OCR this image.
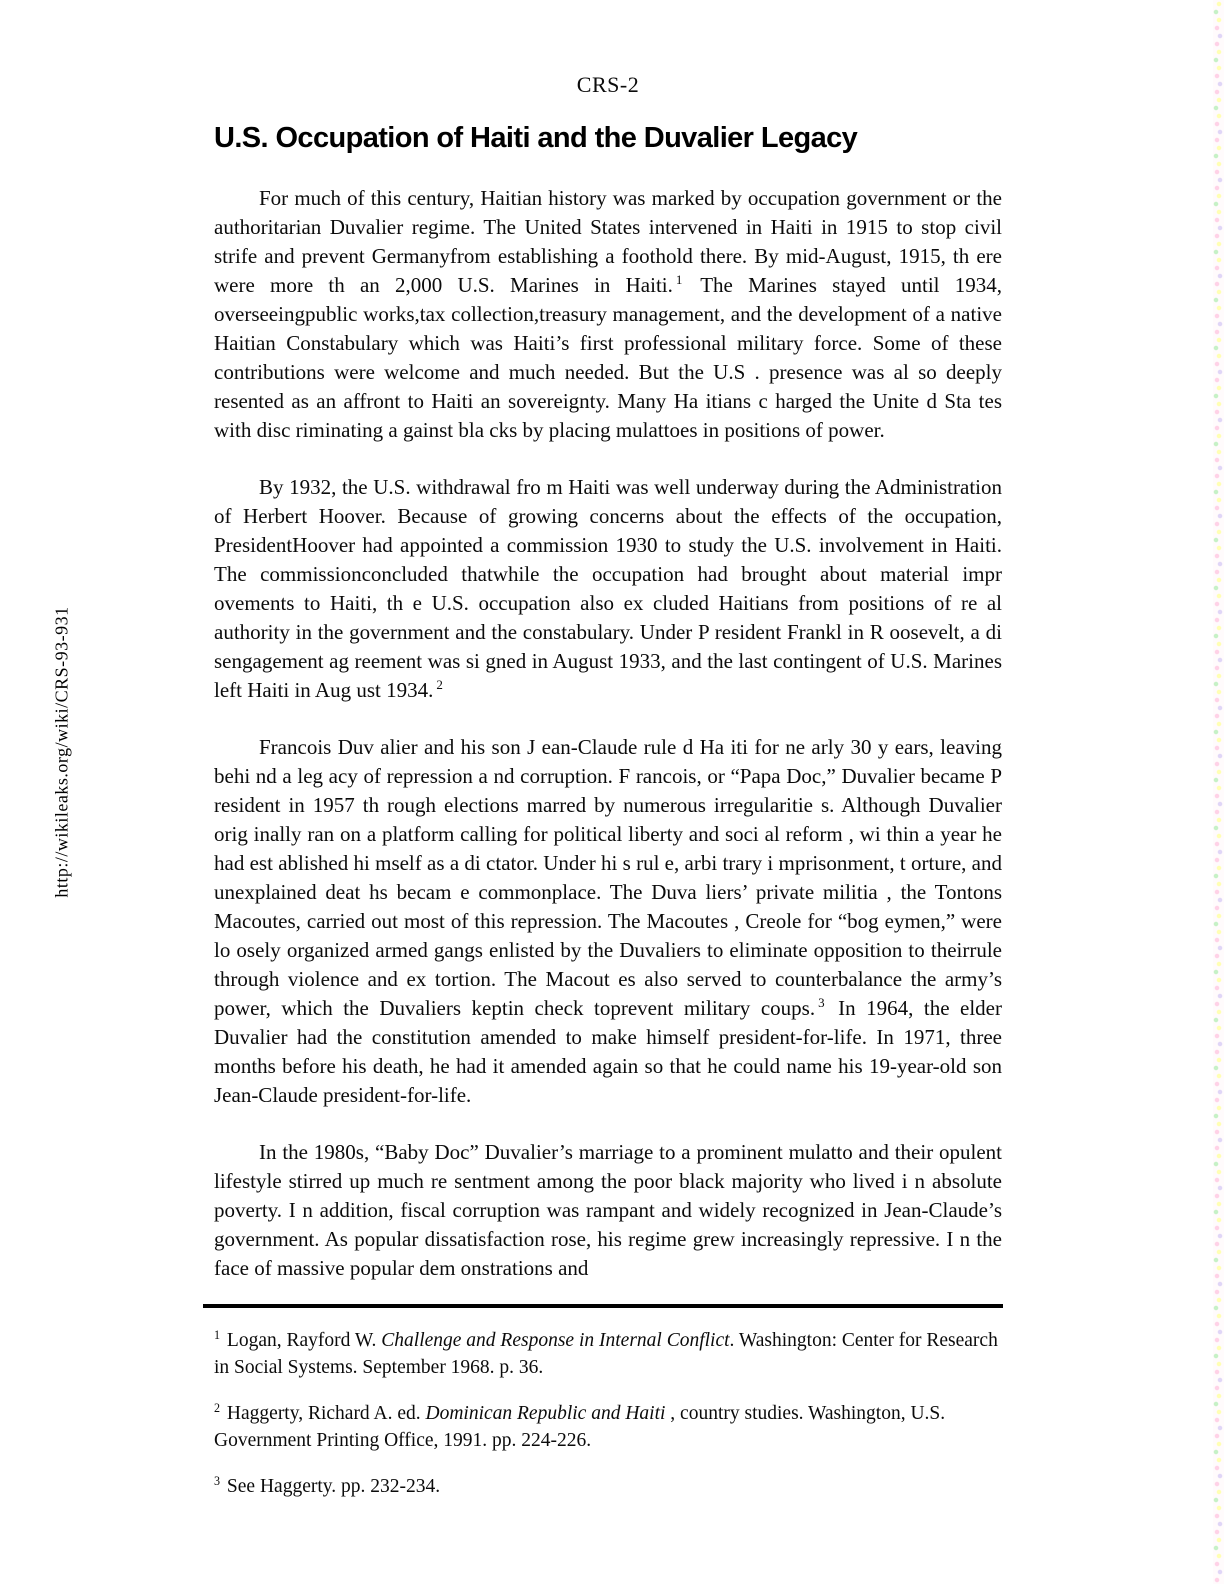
http://wikileaks.org/wiki/CRS-93-931
CRS-2
U.S. Occupation of Haiti and the Duvalier Legacy

For much of this century, Haitian history was marked by occupation government or the authoritarian Duvalier regime. The United States intervened in Haiti in 1915 to stop civil strife and prevent Germanyfrom establishing a foothold there. By mid-August, 1915, th ere were more th an 2,000 U.S. Marines in Haiti. $^1$ The Marines stayed until 1934, overseeingpublic works,tax collection,treasury management, and the development of a native Haitian Constabulary which was Haiti’s first professional military force. Some of these contributions were welcome and much needed. But the U.S . presence was al so deeply resented as an affront to Haiti an sovereignty. Many Ha itians c harged the Unite d Sta tes with disc riminating a gainst bla cks by placing mulattoes in positions of power.

By 1932, the U.S. withdrawal fro m Haiti was well underway during the Administration of Herbert Hoover. Because of growing concerns about the effects of the occupation, PresidentHoover had appointed a commission 1930 to study the U.S. involvement in Haiti. The commissionconcluded thatwhile the occupation had brought about material impr ovements to Haiti, th e U.S. occupation also ex cluded Haitians from positions of re al authority in the government and the constabulary. Under P resident Frankl in R oosevelt, a di sengagement ag reement was si gned in August 1933, and the last contingent of U.S. Marines left Haiti in Aug ust 1934. $^2$

Francois Duv alier and his son J ean-Claude rule d Ha iti for ne arly 30 y ears, leaving behi nd a leg acy of repression a nd corruption. F rancois, or “Papa Doc,” Duvalier became P resident in 1957 th rough elections marred by numerous irregularitie s. Although Duvalier orig inally ran on a platform calling for political liberty and soci al reform , wi thin a year he had est ablished hi mself as a di ctator. Under hi s rul e, arbi trary i mprisonment, t orture, and unexplained deat hs becam e commonplace. The Duva liers’ private militia , the Tontons Macoutes, carried out most of this repression. The Macoutes , Creole for “bog eymen,” were lo osely organized armed gangs enlisted by the Duvaliers to eliminate opposition to theirrule through violence and ex tortion. The Macout es also served to counterbalance the army’s power, which the Duvaliers keptin check toprevent military coups. $^3$ In 1964, the elder Duvalier had the constitution amended to make himself president-for-life. In 1971, three months before his death, he had it amended again so that he could name his 19-year-old son Jean-Claude president-for-life.

In the 1980s, “Baby Doc” Duvalier’s marriage to a prominent mulatto and their opulent lifestyle stirred up much re sentment among the poor black majority who lived i n absolute poverty. I n addition, fiscal corruption was rampant and widely recognized in Jean-Claude’s government. As popular dissatisfaction rose, his regime grew increasingly repressive. I n the face of massive popular dem onstrations and

$^1$ Logan, Rayford W. Challenge and Response in Internal Conflict. Washington: Center for Research in Social Systems. September 1968. p. 36.

$^2$ Haggerty, Richard A. ed. Dominican Republic and Haiti , country studies. Washington, U.S. Government Printing Office, 1991. pp. 224-226.

$^3$ See Haggerty. pp. 232-234.
